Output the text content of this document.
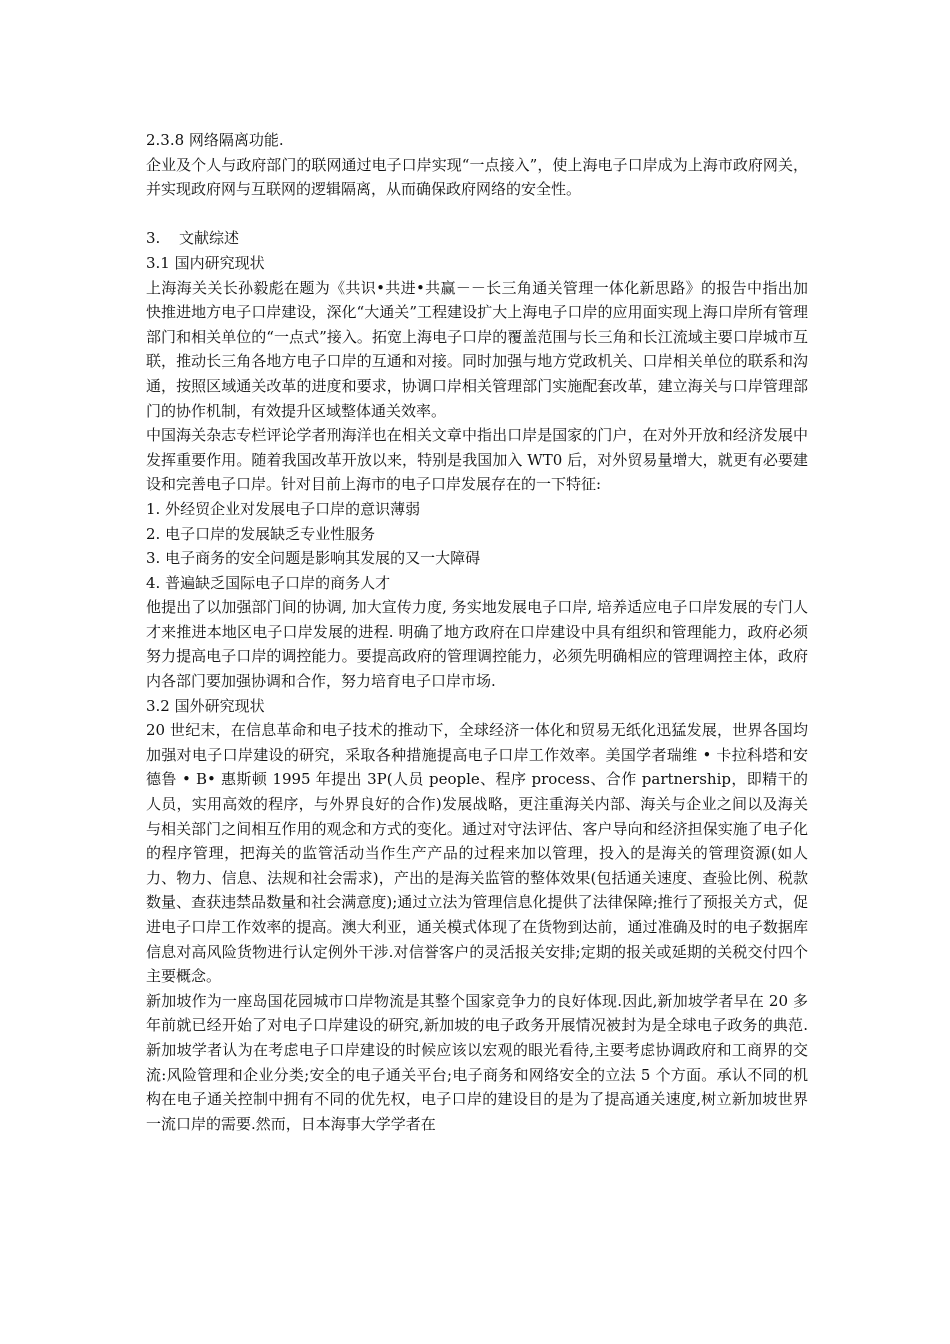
2.3.8 网络隔离功能.

企业及个人与政府部门的联网通过电子口岸实现“一点接入”，使上海电子口岸成为上海市政府网关，并实现政府网与互联网的逻辑隔离，从而确保政府网络的安全性。

3. 文献综述

3.1 国内研究现状

上海海关关长孙毅彪在题为《共识•共进•共赢－－长三角通关管理一体化新思路》的报告中指出加快推进地方电子口岸建设，深化“大通关”工程建设扩大上海电子口岸的应用面实现上海口岸所有管理部门和相关单位的“一点式”接入。拓宽上海电子口岸的覆盖范围与长三角和长江流域主要口岸城市互联，推动长三角各地方电子口岸的互通和对接。同时加强与地方党政机关、口岸相关单位的联系和沟通，按照区域通关改革的进度和要求，协调口岸相关管理部门实施配套改革，建立海关与口岸管理部门的协作机制，有效提升区域整体通关效率。

中国海关杂志专栏评论学者刑海洋也在相关文章中指出口岸是国家的门户，在对外开放和经济发展中发挥重要作用。随着我国改革开放以来，特别是我国加入 WT0 后，对外贸易量增大，就更有必要建设和完善电子口岸。针对目前上海市的电子口岸发展存在的一下特征:

1. 外经贸企业对发展电子口岸的意识薄弱

2. 电子口岸的发展缺乏专业性服务

3. 电子商务的安全问题是影响其发展的又一大障碍

4. 普遍缺乏国际电子口岸的商务人才

他提出了以加强部门间的协调, 加大宣传力度, 务实地发展电子口岸, 培养适应电子口岸发展的专门人才来推进本地区电子口岸发展的进程. 明确了地方政府在口岸建设中具有组织和管理能力，政府必须努力提高电子口岸的调控能力。要提高政府的管理调控能力，必须先明确相应的管理调控主体，政府内各部门要加强协调和合作，努力培育电子口岸市场.

3.2 国外研究现状

20 世纪末，在信息革命和电子技术的推动下，全球经济一体化和贸易无纸化迅猛发展，世界各国均加强对电子口岸建设的研究，采取各种措施提高电子口岸工作效率。美国学者瑞维 • 卡拉科塔和安德鲁 • B• 惠斯顿 1995 年提出 3P(人员 people、程序 process、合作 partnership，即精干的人员，实用高效的程序，与外界良好的合作)发展战略，更注重海关内部、海关与企业之间以及海关与相关部门之间相互作用的观念和方式的变化。通过对守法评估、客户导向和经济担保实施了电子化的程序管理，把海关的监管活动当作生产产品的过程来加以管理，投入的是海关的管理资源(如人力、物力、信息、法规和社会需求)，产出的是海关监管的整体效果(包括通关速度、查验比例、税款数量、查获违禁品数量和社会满意度);通过立法为管理信息化提供了法律保障;推行了预报关方式，促进电子口岸工作效率的提高。澳大利亚，通关模式体现了在货物到达前，通过准确及时的电子数据库信息对高风险货物进行认定例外干涉.对信誉客户的灵活报关安排;定期的报关或延期的关税交付四个主要概念。

新加坡作为一座岛国花园城市口岸物流是其整个国家竞争力的良好体现.因此,新加坡学者早在 20 多年前就已经开始了对电子口岸建设的研究,新加坡的电子政务开展情况被封为是全球电子政务的典范.新加坡学者认为在考虑电子口岸建设的时候应该以宏观的眼光看待,主要考虑协调政府和工商界的交流:风险管理和企业分类;安全的电子通关平台;电子商务和网络安全的立法 5 个方面。承认不同的机构在电子通关控制中拥有不同的优先权，电子口岸的建设目的是为了提高通关速度,树立新加坡世界一流口岸的需要.然而，日本海事大学学者在
